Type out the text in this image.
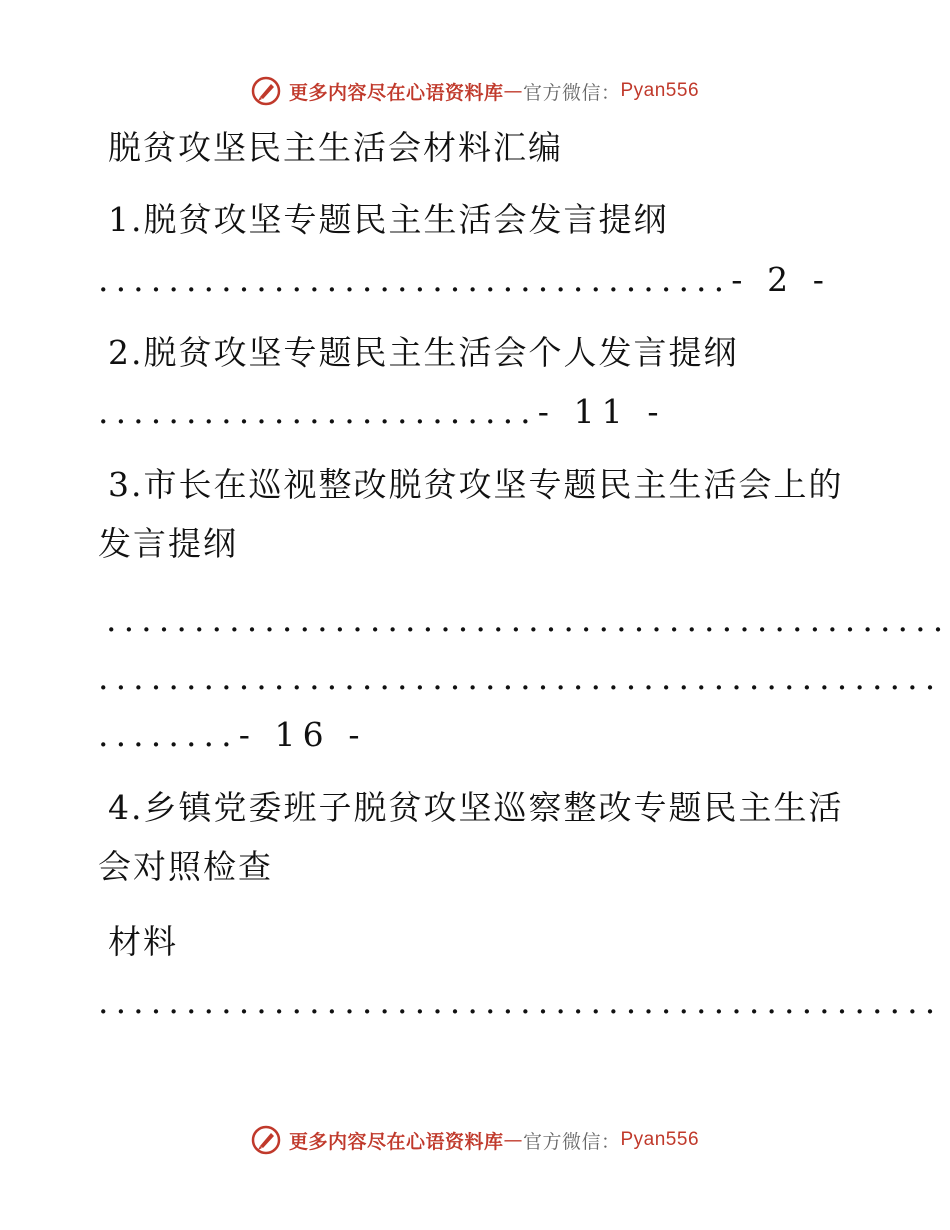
更多内容尽在心语资料库 — 官方微信： Pyan556
脱贫攻坚民主生活会材料汇编
1.脱贫攻坚专题民主生活会发言提纲
....................................- 2 -
2.脱贫攻坚专题民主生活会个人发言提纲
.........................- 11 -
3.市长在巡视整改脱贫攻坚专题民主生活会上的
发言提纲
................................................
................................................
........- 16 -
4.乡镇党委班子脱贫攻坚巡察整改专题民主生活
会对照检查
材料
................................................
更多内容尽在心语资料库 — 官方微信： Pyan556
